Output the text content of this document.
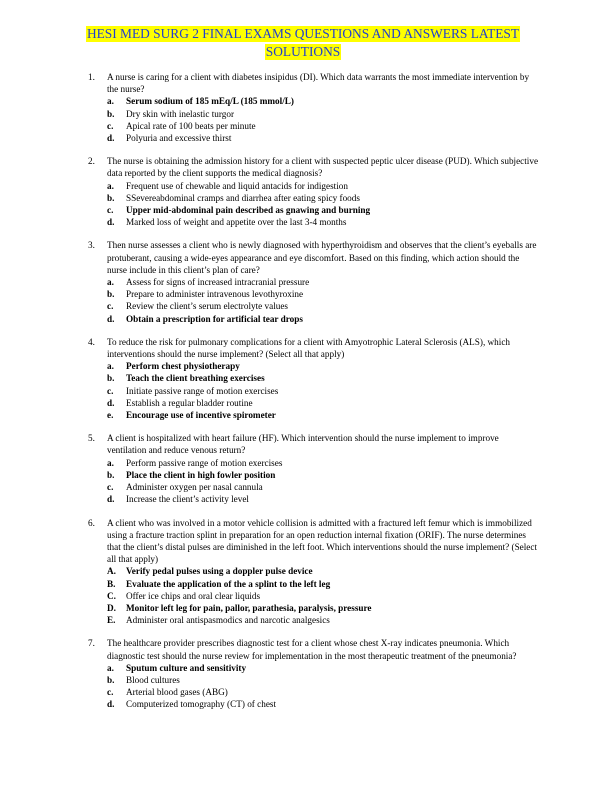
HESI MED SURG 2 FINAL EXAMS QUESTIONS AND ANSWERS LATEST
SOLUTIONS
1.	A nurse is caring for a client with diabetes insipidus (DI). Which data warrants the most immediate intervention by the nurse?
a. Serum sodium of 185 mEq/L (185 mmol/L)
b. Dry skin with inelastic turgor
c. Apical rate of 100 beats per minute
d. Polyuria and excessive thirst
2.	The nurse is obtaining the admission history for a client with suspected peptic ulcer disease (PUD). Which subjective data reported by the client supports the medical diagnosis?
a. Frequent use of chewable and liquid antacids for indigestion
b. SSevereabdominal cramps and diarrhea after eating spicy foods
c. Upper mid-abdominal pain described as gnawing and burning
d. Marked loss of weight and appetite over the last 3-4 months
3.	Then nurse assesses a client who is newly diagnosed with hyperthyroidism and observes that the client’s eyeballs are protuberant, causing a wide-eyes appearance and eye discomfort. Based on this finding, which action should the nurse include in this client’s plan of care?
a. Assess for signs of increased intracranial pressure
b. Prepare to administer intravenous levothyroxine
c. Review the client’s serum electrolyte values
d. Obtain a prescription for artificial tear drops
4.	To reduce the risk for pulmonary complications for a client with Amyotrophic Lateral Sclerosis (ALS), which interventions should the nurse implement? (Select all that apply)
a. Perform chest physiotherapy
b. Teach the client breathing exercises
c. Initiate passive range of motion exercises
d. Establish a regular bladder routine
e. Encourage use of incentive spirometer
5.	A client is hospitalized with heart failure (HF). Which intervention should the nurse implement to improve ventilation and reduce venous return?
a. Perform passive range of motion exercises
b. Place the client in high fowler position
c. Administer oxygen per nasal cannula
d. Increase the client’s activity level
6.	A client who was involved in a motor vehicle collision is admitted with a fractured left femur which is immobilized using a fracture traction splint in preparation for an open reduction internal fixation (ORIF). The nurse determines that the client’s distal pulses are diminished in the left foot. Which interventions should the nurse implement? (Select all that apply)
A. Verify pedal pulses using a doppler pulse device
B. Evaluate the application of the a splint to the left leg
C. Offer ice chips and oral clear liquids
D. Monitor left leg for pain, pallor, parathesia, paralysis, pressure
E. Administer oral antispasmodics and narcotic analgesics
7.	The healthcare provider prescribes diagnostic test for a client whose chest X-ray indicates pneumonia. Which diagnostic test should the nurse review for implementation in the most therapeutic treatment of the pneumonia?
a. Sputum culture and sensitivity
b. Blood cultures
c. Arterial blood gases (ABG)
d. Computerized tomography (CT) of chest
